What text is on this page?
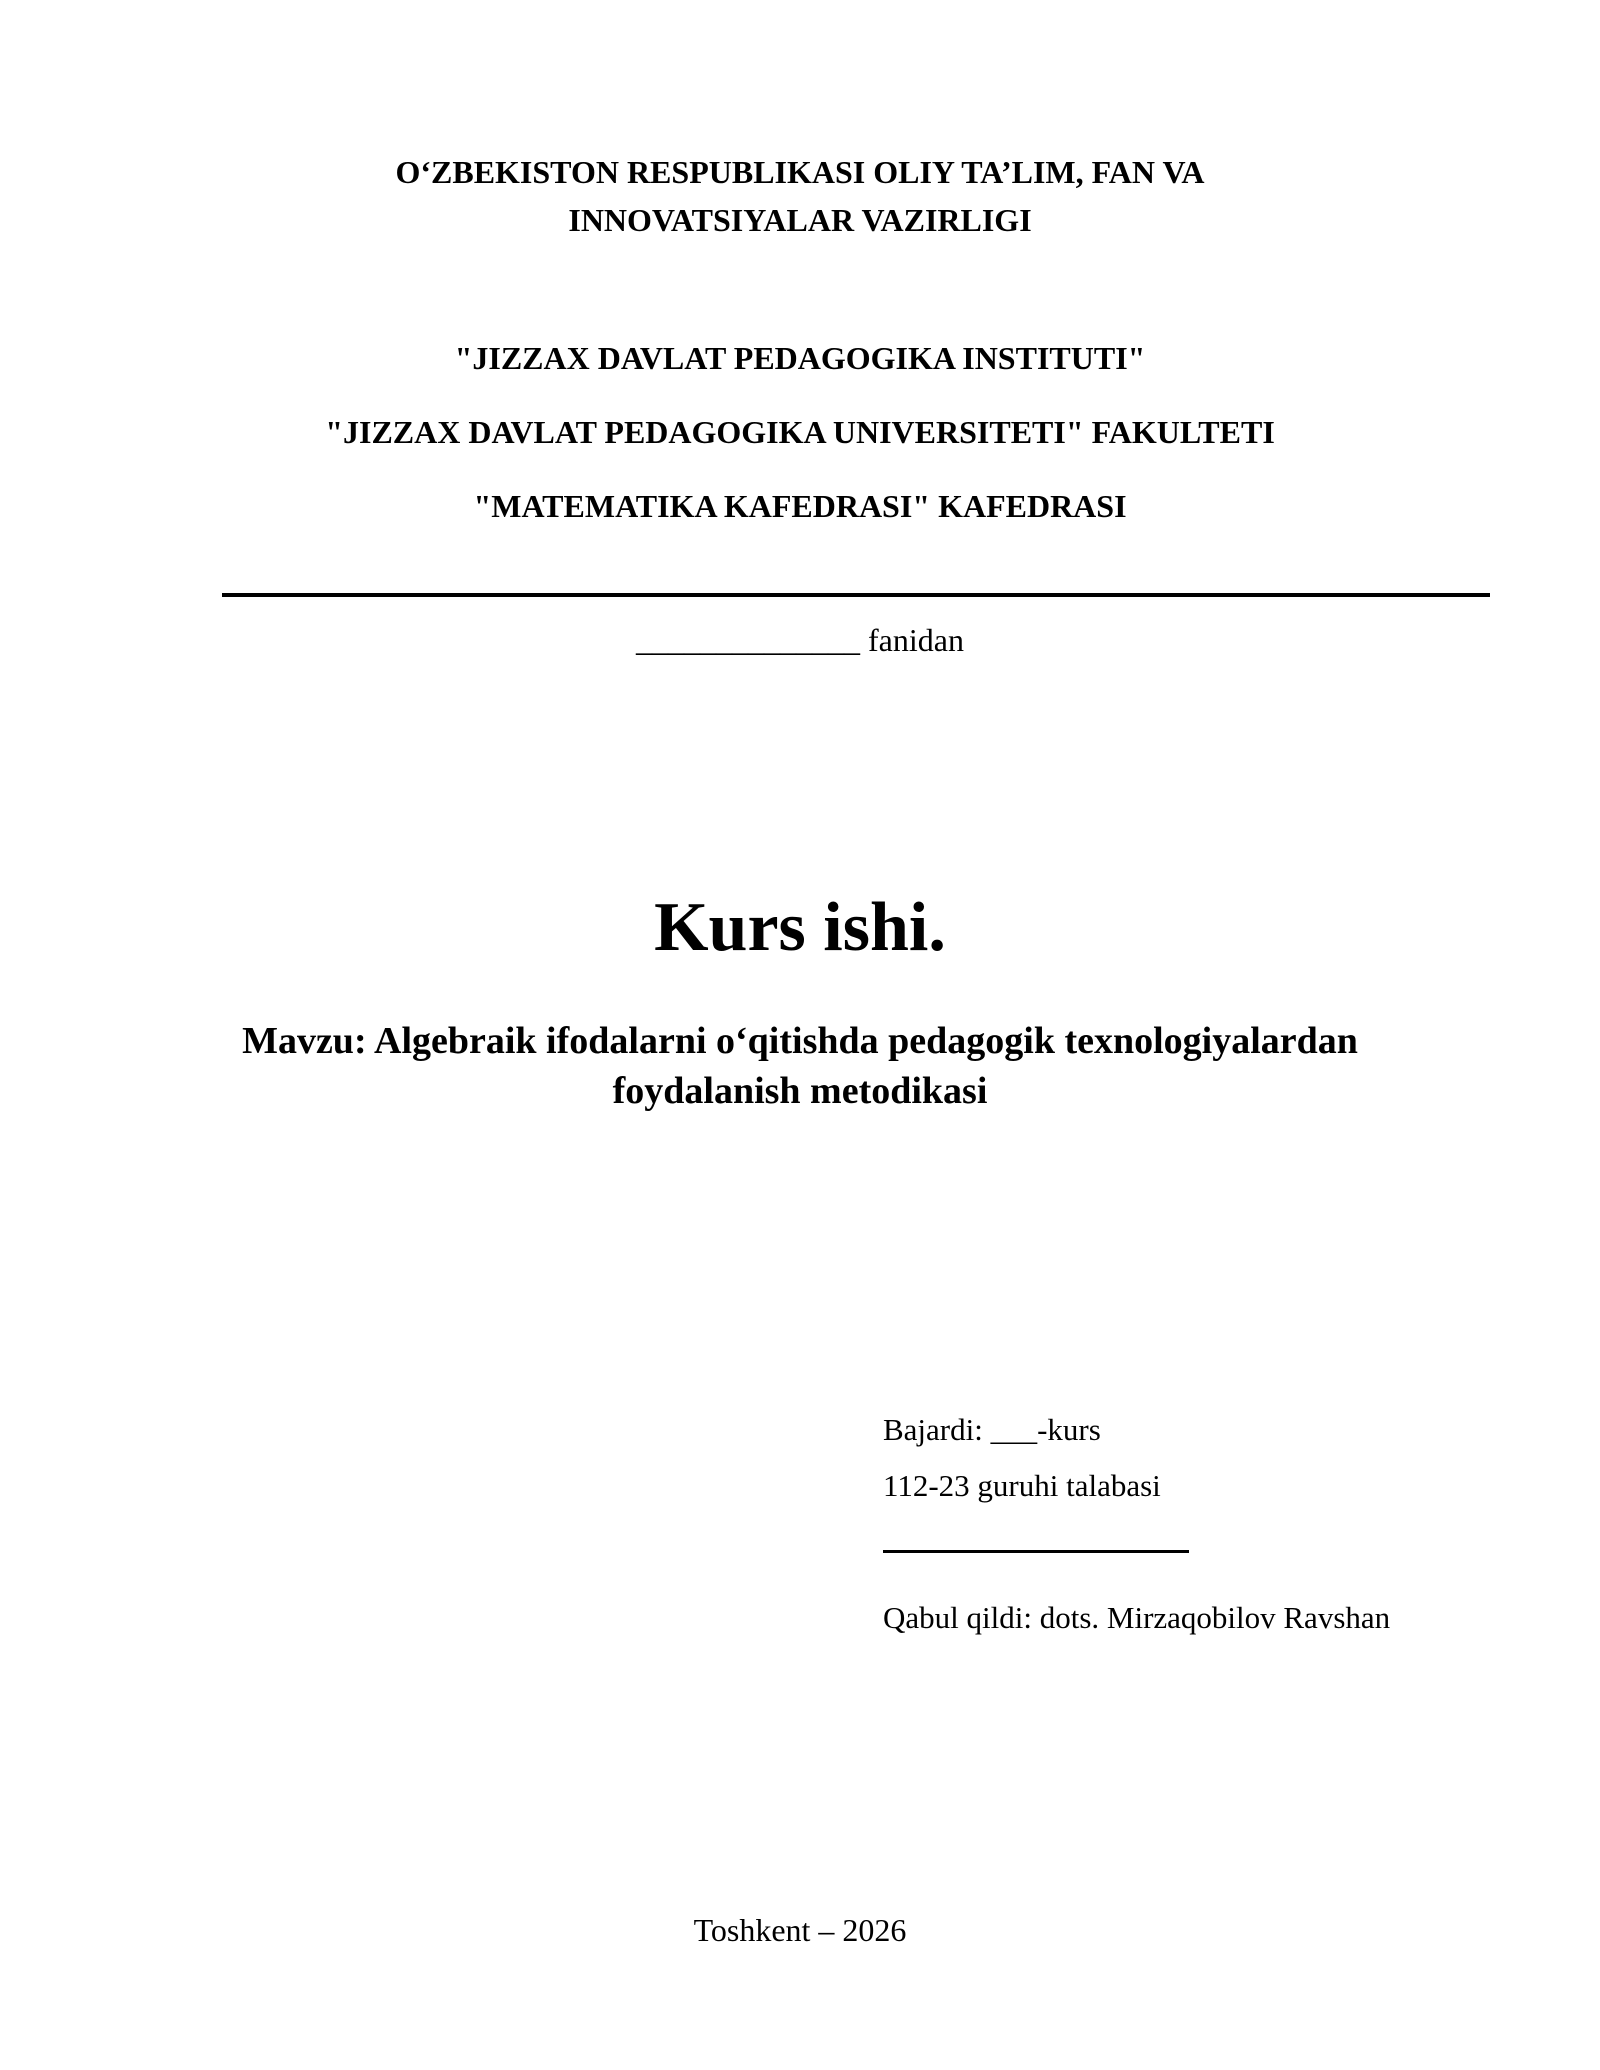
O‘ZBEKISTON RESPUBLIKASI OLIY TA’LIM, FAN VA
INNOVATSIYALAR VAZIRLIGI

"JIZZAX DAVLAT PEDAGOGIKA INSTITUTI"

"JIZZAX DAVLAT PEDAGOGIKA UNIVERSITETI" FAKULTETI

"MATEMATIKA KAFEDRASI" KAFEDRASI

______________ fanidan

Kurs ishi.
Mavzu: Algebraik ifodalarni o‘qitishda pedagogik texnologiyalardan
foydalanish metodikasi
Bajardi: ___-kurs
112-23 guruhi talabasi
Qabul qildi: dots. Mirzaqobilov Ravshan

Toshkent – 2026
